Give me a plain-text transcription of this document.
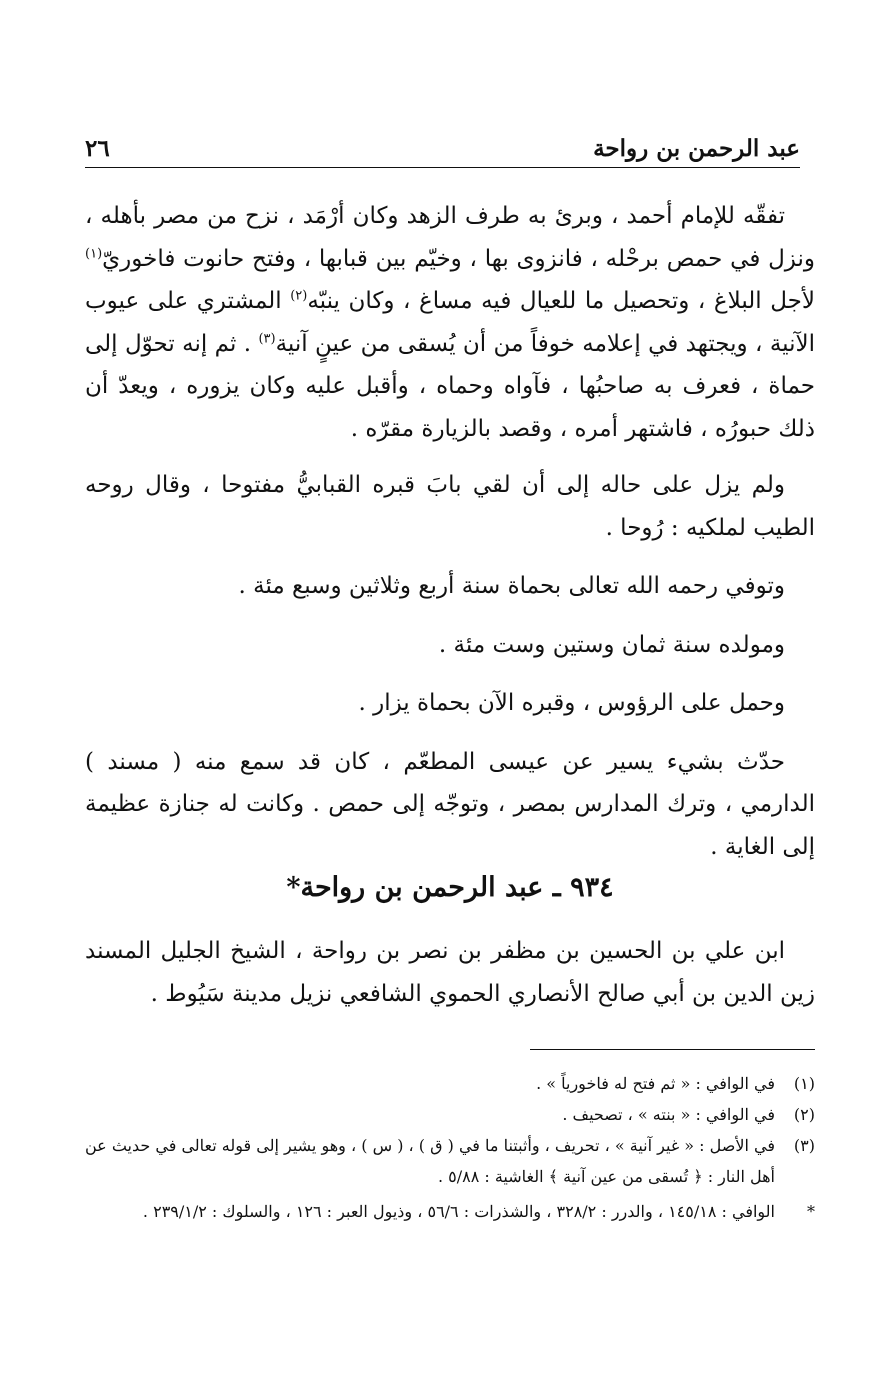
عبد الرحمن بن رواحة
٢٦

تفقّه للإمام أحمد ، وبرئ به طرف الزهد وكان أرْمَد ، نزح من مصر بأهله ، ونزل في حمص برحْله ، فانزوى بها ، وخيّم بين قبابها ، وفتح حانوت فاخوريّ$^{(١)}$ لأجل البلاغ ، وتحصيل ما للعيال فيه مساغ ، وكان ينبّه$^{(٢)}$ المشتري على عيوب الآنية ، ويجتهد في إعلامه خوفاً من أن يُسقى من عينٍ آنية$^{(٣)}$ . ثم إنه تحوّل إلى حماة ، فعرف به صاحبُها ، فآواه وحماه ، وأقبل عليه وكان يزوره ، ويعدّ أن ذلك حبورُه ، فاشتهر أمره ، وقصد بالزيارة مقرّه .

ولم يزل على حاله إلى أن لقي بابَ قبره القبابيُّ مفتوحا ، وقال روحه الطيب لملكيه : رُوحا .

وتوفي رحمه الله تعالى بحماة سنة أربع وثلاثين وسبع مئة .

ومولده سنة ثمان وستين وست مئة .

وحمل على الرؤوس ، وقبره الآن بحماة يزار .

حدّث بشيء يسير عن عيسى المطعّم ، كان قد سمع منه ( مسند ) الدارمي ، وترك المدارس بمصر ، وتوجّه إلى حمص . وكانت له جنازة عظيمة إلى الغاية .

٩٣٤ ـ عبد الرحمن بن رواحة*

ابن علي بن الحسين بن مظفر بن نصر بن رواحة ، الشيخ الجليل المسند زين الدين بن أبي صالح الأنصاري الحموي الشافعي نزيل مدينة سَيُوط .

(١)
في الوافي : « ثم فتح له فاخورياً » .
(٢)
في الوافي : « بنته » ، تصحيف .
(٣)
في الأصل : « غير آنية » ، تحريف ، وأثبتنا ما في ( ق ) ، ( س ) ، وهو يشير إلى قوله تعالى في حديث عن أهل النار : ﴿ تُسقى من عين آنية ﴾ الغاشية : ٥/٨٨ .
*
الوافي : ١٤٥/١٨ ، والدرر : ٣٢٨/٢ ، والشذرات : ٥٦/٦ ، وذيول العبر : ١٢٦ ، والسلوك : ٢٣٩/١/٢ .
